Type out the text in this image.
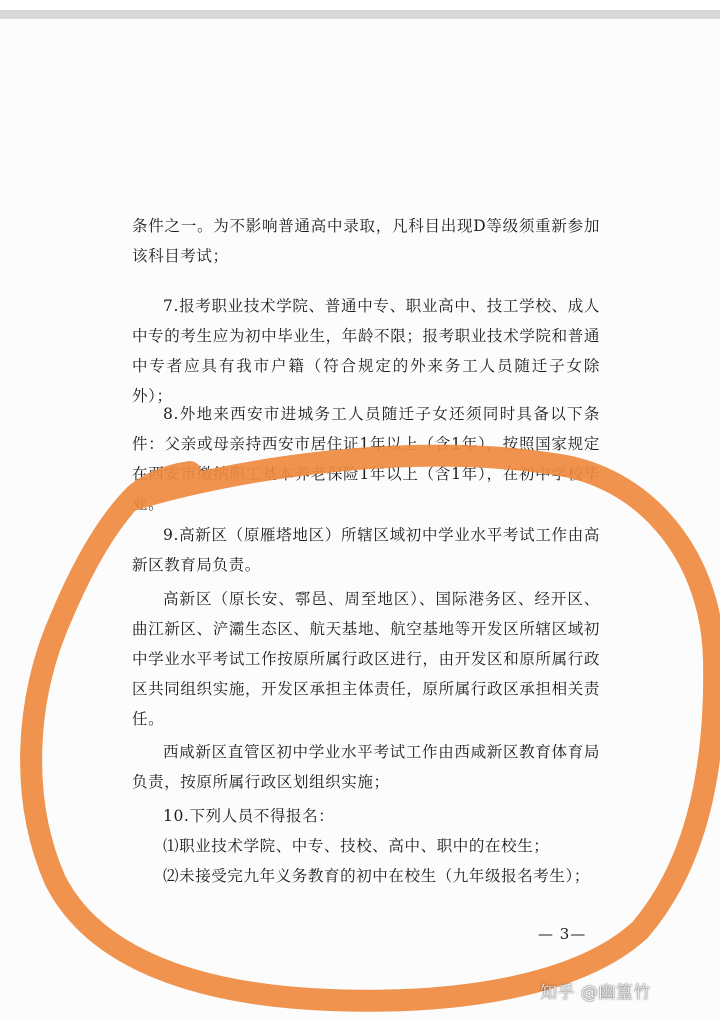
条件之一。为不影响普通高中录取，凡科目出现D等级须重新参加该科目考试；

7.报考职业技术学院、普通中专、职业高中、技工学校、成人中专的考生应为初中毕业生，年龄不限；报考职业技术学院和普通中专者应具有我市户籍（符合规定的外来务工人员随迁子女除外）；

8.外地来西安市进城务工人员随迁子女还须同时具备以下条件：父亲或母亲持西安市居住证1年以上（含1年），按照国家规定在西安市缴纳职工基本养老保险1年以上（含1年），在初中学校毕业。

9.高新区（原雁塔地区）所辖区域初中学业水平考试工作由高新区教育局负责。

高新区（原长安、鄠邑、周至地区）、国际港务区、经开区、曲江新区、浐灞生态区、航天基地、航空基地等开发区所辖区域初中学业水平考试工作按原所属行政区进行，由开发区和原所属行政区共同组织实施，开发区承担主体责任，原所属行政区承担相关责任。

西咸新区直管区初中学业水平考试工作由西咸新区教育体育局负责，按原所属行政区划组织实施；

10.下列人员不得报名：

⑴职业技术学院、中专、技校、高中、职中的在校生；

⑵未接受完九年义务教育的初中在校生（九年级报名考生）；

— 3—
知乎 @幽篁竹
